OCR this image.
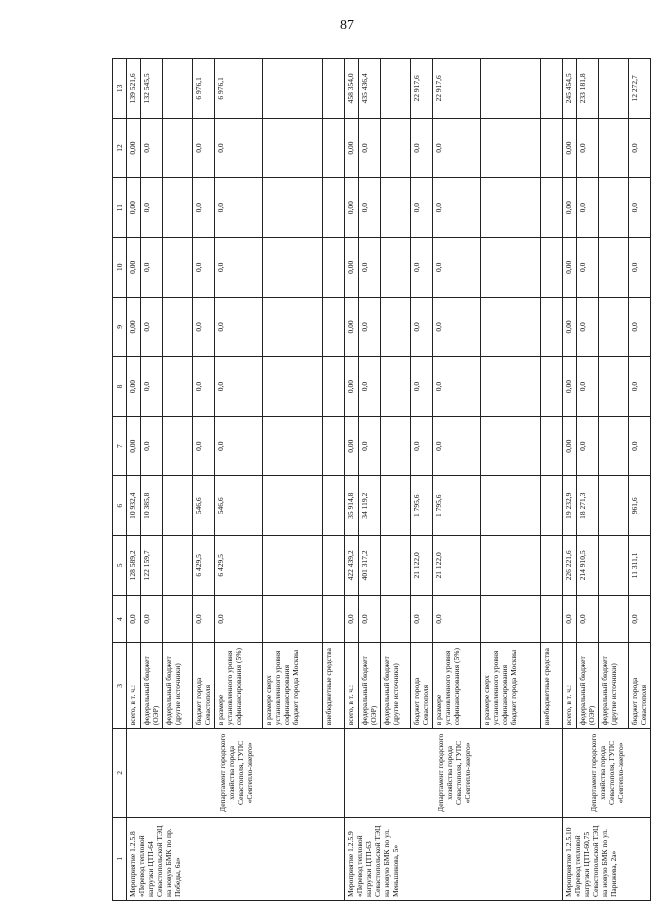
87
1	2	3	4	5	6	7	8	9	10	11	12	13
Мероприятие 1.2.5.8 «Перевод тепловой нагрузки ЦТП-64 Севастопольской ТЭЦ на новую БМК по пр. Победы, 6а»	Департамент городского хозяйства города Севастополя, ГУПС «Севтепло-энерго»	всего, в т. ч.:	0,0	128 589,2	10 932,4	0,00	0,00	0,00	0,00	0,00	0,00	139 521,6
		федеральный бюджет (ОЭР)	0,0	122 159,7	10 385,8	0,0	0,0	0,0	0,0	0,0	0,0	132 545,5
		федеральный бюджет (другие источники)										
		бюджет города Севастополя	0,0	6 429,5	546,6	0,0	0,0	0,0	0,0	0,0	0,0	6 976,1
		в размере установленного уровня софинансирования (5%)	0,0	6 429,5	546,6	0,0	0,0	0,0	0,0	0,0	0,0	6 976,1
		в размере сверх установленного уровня софинансирования бюджет города Москвы										
		внебюджетные средства										
Мероприятие 1.2.5.9 «Перевод тепловой нагрузки ЦТП-63 Севастопольской ТЭЦ на новую БМК по ул. Меньшикова, 5»	Департамент городского хозяйства города Севастополя, ГУПС «Севтепло-энерго»	всего, в т. ч.:	0,0	422 439,2	35 914,8	0,00	0,00	0,00	0,00	0,00	0,00	458 354,0
		федеральный бюджет (ОЭР)	0,0	401 317,2	34 119,2	0,0	0,0	0,0	0,0	0,0	0,0	435 436,4
		федеральный бюджет (другие источники)										
		бюджет города Севастополя	0,0	21 122,0	1 795,6	0,0	0,0	0,0	0,0	0,0	0,0	22 917,6
		в размере установленного уровня софинансирования (5%)	0,0	21 122,0	1 795,6	0,0	0,0	0,0	0,0	0,0	0,0	22 917,6
		в размере сверх установленного уровня софинансирования бюджет города Москвы										
		внебюджетные средства										
Мероприятие 1.2.5.10 «Перевод тепловой нагрузки ЦТП-60,75 Севастопольской ТЭЦ на новую БМК по ул. Парижева, 2а»	Департамент городского хозяйства города Севастополя, ГУПС «Севтепло-энерго»	всего, в т. ч.:	0,0	226 221,6	19 232,9	0,00	0,00	0,00	0,00	0,00	0,00	245 454,5
		федеральный бюджет (ОЭР)	0,0	214 910,5	18 271,3	0,0	0,0	0,0	0,0	0,0	0,0	233 181,8
		федеральный бюджет (другие источники)										
		бюджет города Севастополя	0,0	11 311,1	961,6	0,0	0,0	0,0	0,0	0,0	0,0	12 272,7
